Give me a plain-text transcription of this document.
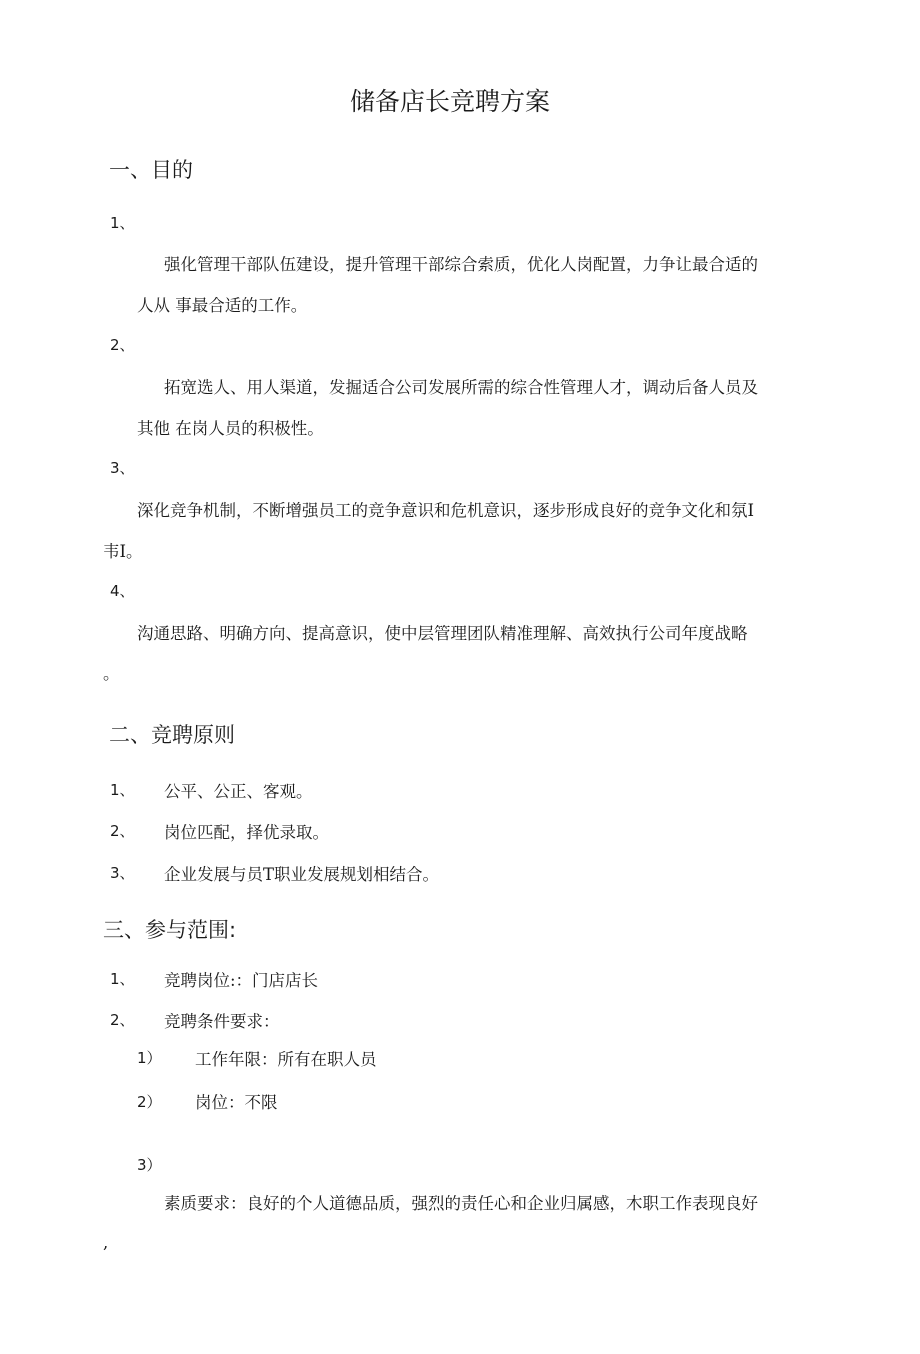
储备店长竞聘方案
一、目的
1、
强化管理干部队伍建设，提升管理干部综合索质，优化人岗配置，力争让最合适的
人从 事最合适的工作。
2、
拓宽选人、用人渠道，发掘适合公司发展所需的综合性管理人才，调动后备人员及
其他 在岗人员的积极性。
3、
深化竞争机制，不断增强员工的竞争意识和危机意识，逐步形成良好的竞争文化和氛I
韦I。
4、
沟通思路、明确方向、提高意识，使中层管理团队精准理解、高效执行公司年度战略
。
二、竞聘原则
1、 公平、公正、客观。
2、 岗位匹配，择优录取。
3、 企业发展与员T职业发展规划相结合。
三、参与范围:
1、 竞聘岗位:：门店店长
2、 竞聘条件要求：
1） 工作年限：所有在职人员
2） 岗位：不限
3）
素质要求：良好的个人道德品质，强烈的责任心和企业归属感，木职工作表现良好
,
